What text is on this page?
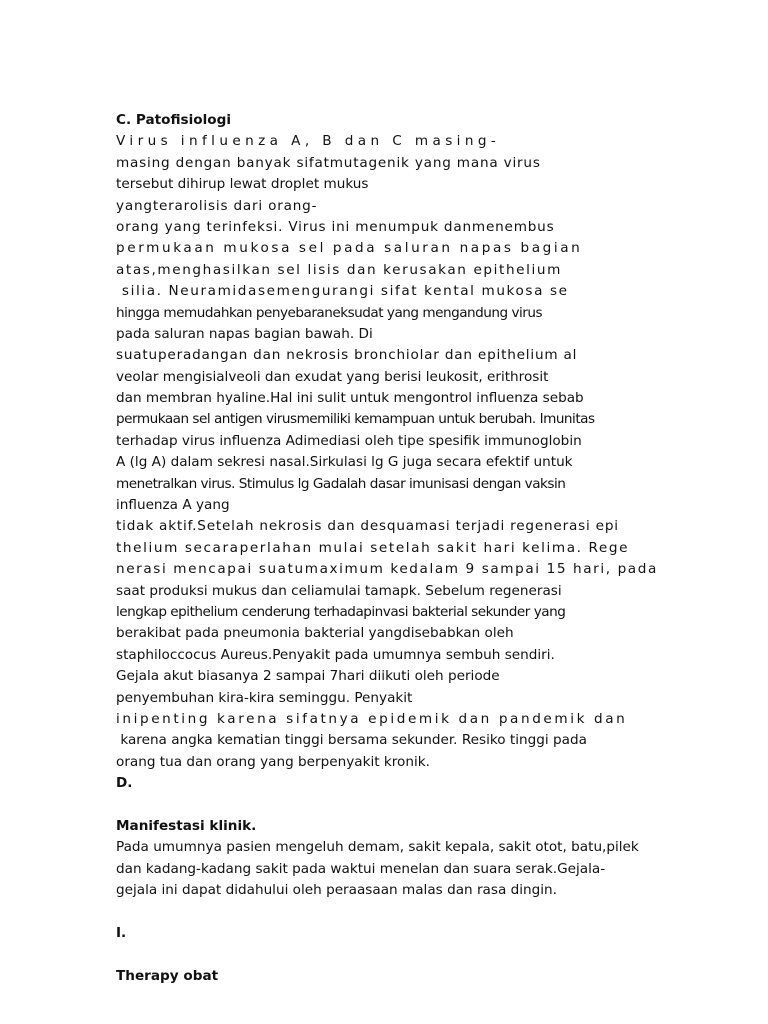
C. Patofisiologi
Virus influenza A, B dan C masing-
masing dengan banyak sifatmutagenik yang mana virus
tersebut dihirup lewat droplet mukus
yangterarolisis dari orang-
orang yang terinfeksi. Virus ini menumpuk danmenembus
permukaan mukosa sel pada saluran napas bagian
atas,menghasilkan sel lisis dan kerusakan epithelium
silia. Neuramidasemengurangi sifat kental mukosa se
hingga memudahkan penyebaraneksudat yang mengandung virus
pada saluran napas bagian bawah. Di
suatuperadangan dan nekrosis bronchiolar dan epithelium al
veolar mengisialveoli dan exudat yang berisi leukosit, erithrosit
dan membran hyaline.Hal ini sulit untuk mengontrol influenza sebab
permukaan sel antigen virusmemiliki kemampuan untuk berubah. Imunitas
terhadap virus influenza Adimediasi oleh tipe spesifik immunoglobin
A (lg A) dalam sekresi nasal.Sirkulasi lg G juga secara efektif untuk
menetralkan virus. Stimulus lg Gadalah dasar imunisasi dengan vaksin
influenza A yang
tidak aktif.Setelah nekrosis dan desquamasi terjadi regenerasi epi
thelium secaraperlahan mulai setelah sakit hari kelima. Rege
nerasi mencapai suatumaximum kedalam 9 sampai 15 hari, pada
saat produksi mukus dan celiamulai tamapk. Sebelum regenerasi
lengkap epithelium cenderung terhadapinvasi bakterial sekunder yang
berakibat pada pneumonia bakterial yangdisebabkan oleh
staphiloccocus Aureus.Penyakit pada umumnya sembuh sendiri.
Gejala akut biasanya 2 sampai 7hari diikuti oleh periode
penyembuhan kira-kira seminggu. Penyakit
inipenting karena sifatnya epidemik dan pandemik dan
karena angka kematian tinggi bersama sekunder. Resiko tinggi pada
orang tua dan orang yang berpenyakit kronik.
D.
Manifestasi klinik.
Pada umumnya pasien mengeluh demam, sakit kepala, sakit otot, batu,pilek
dan kadang-kadang sakit pada waktui menelan dan suara serak.Gejala-
gejala ini dapat didahului oleh peraasaan malas dan rasa dingin.
I.
Therapy obat
